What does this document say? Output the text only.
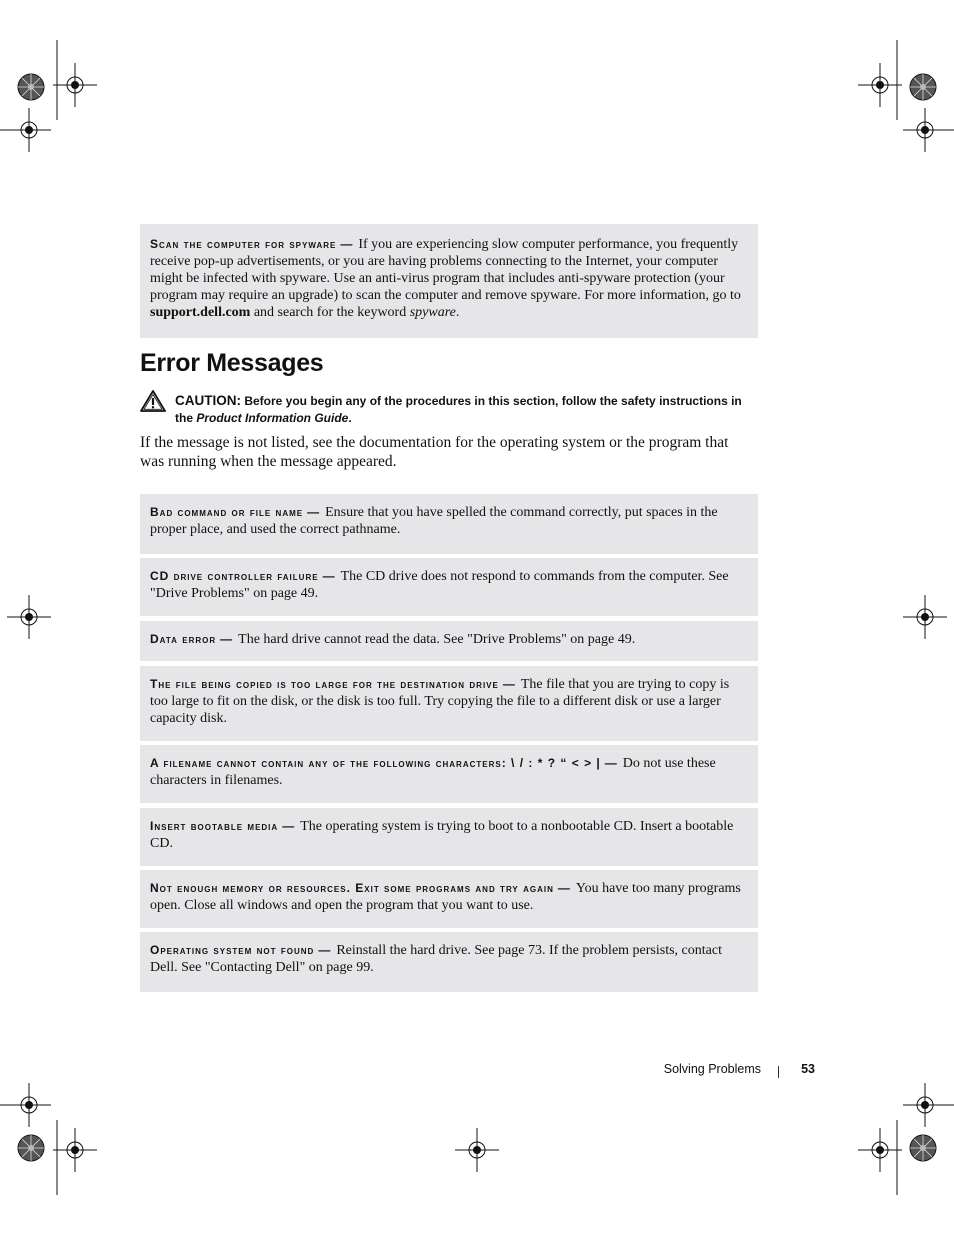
Scan the computer for spyware — If you are experiencing slow computer performance, you frequently receive pop-up advertisements, or you are having problems connecting to the Internet, your computer might be infected with spyware. Use an anti-virus program that includes anti-spyware protection (your program may require an upgrade) to scan the computer and remove spyware. For more information, go to support.dell.com and search for the keyword spyware.
Error Messages
CAUTION: Before you begin any of the procedures in this section, follow the safety instructions in the Product Information Guide.
If the message is not listed, see the documentation for the operating system or the program that was running when the message appeared.
Bad command or file name — Ensure that you have spelled the command correctly, put spaces in the proper place, and used the correct pathname.
CD drive controller failure — The CD drive does not respond to commands from the computer. See "Drive Problems" on page 49.
Data error — The hard drive cannot read the data. See "Drive Problems" on page 49.
The file being copied is too large for the destination drive — The file that you are trying to copy is too large to fit on the disk, or the disk is too full. Try copying the file to a different disk or use a larger capacity disk.
A filename cannot contain any of the following characters: \ / : * ? “ < > | — Do not use these characters in filenames.
Insert bootable media — The operating system is trying to boot to a nonbootable CD. Insert a bootable CD.
Not enough memory or resources. Exit some programs and try again — You have too many programs open. Close all windows and open the program that you want to use.
Operating system not found — Reinstall the hard drive. See page 73. If the problem persists, contact Dell. See "Contacting Dell" on page 99.
Solving Problems	53
